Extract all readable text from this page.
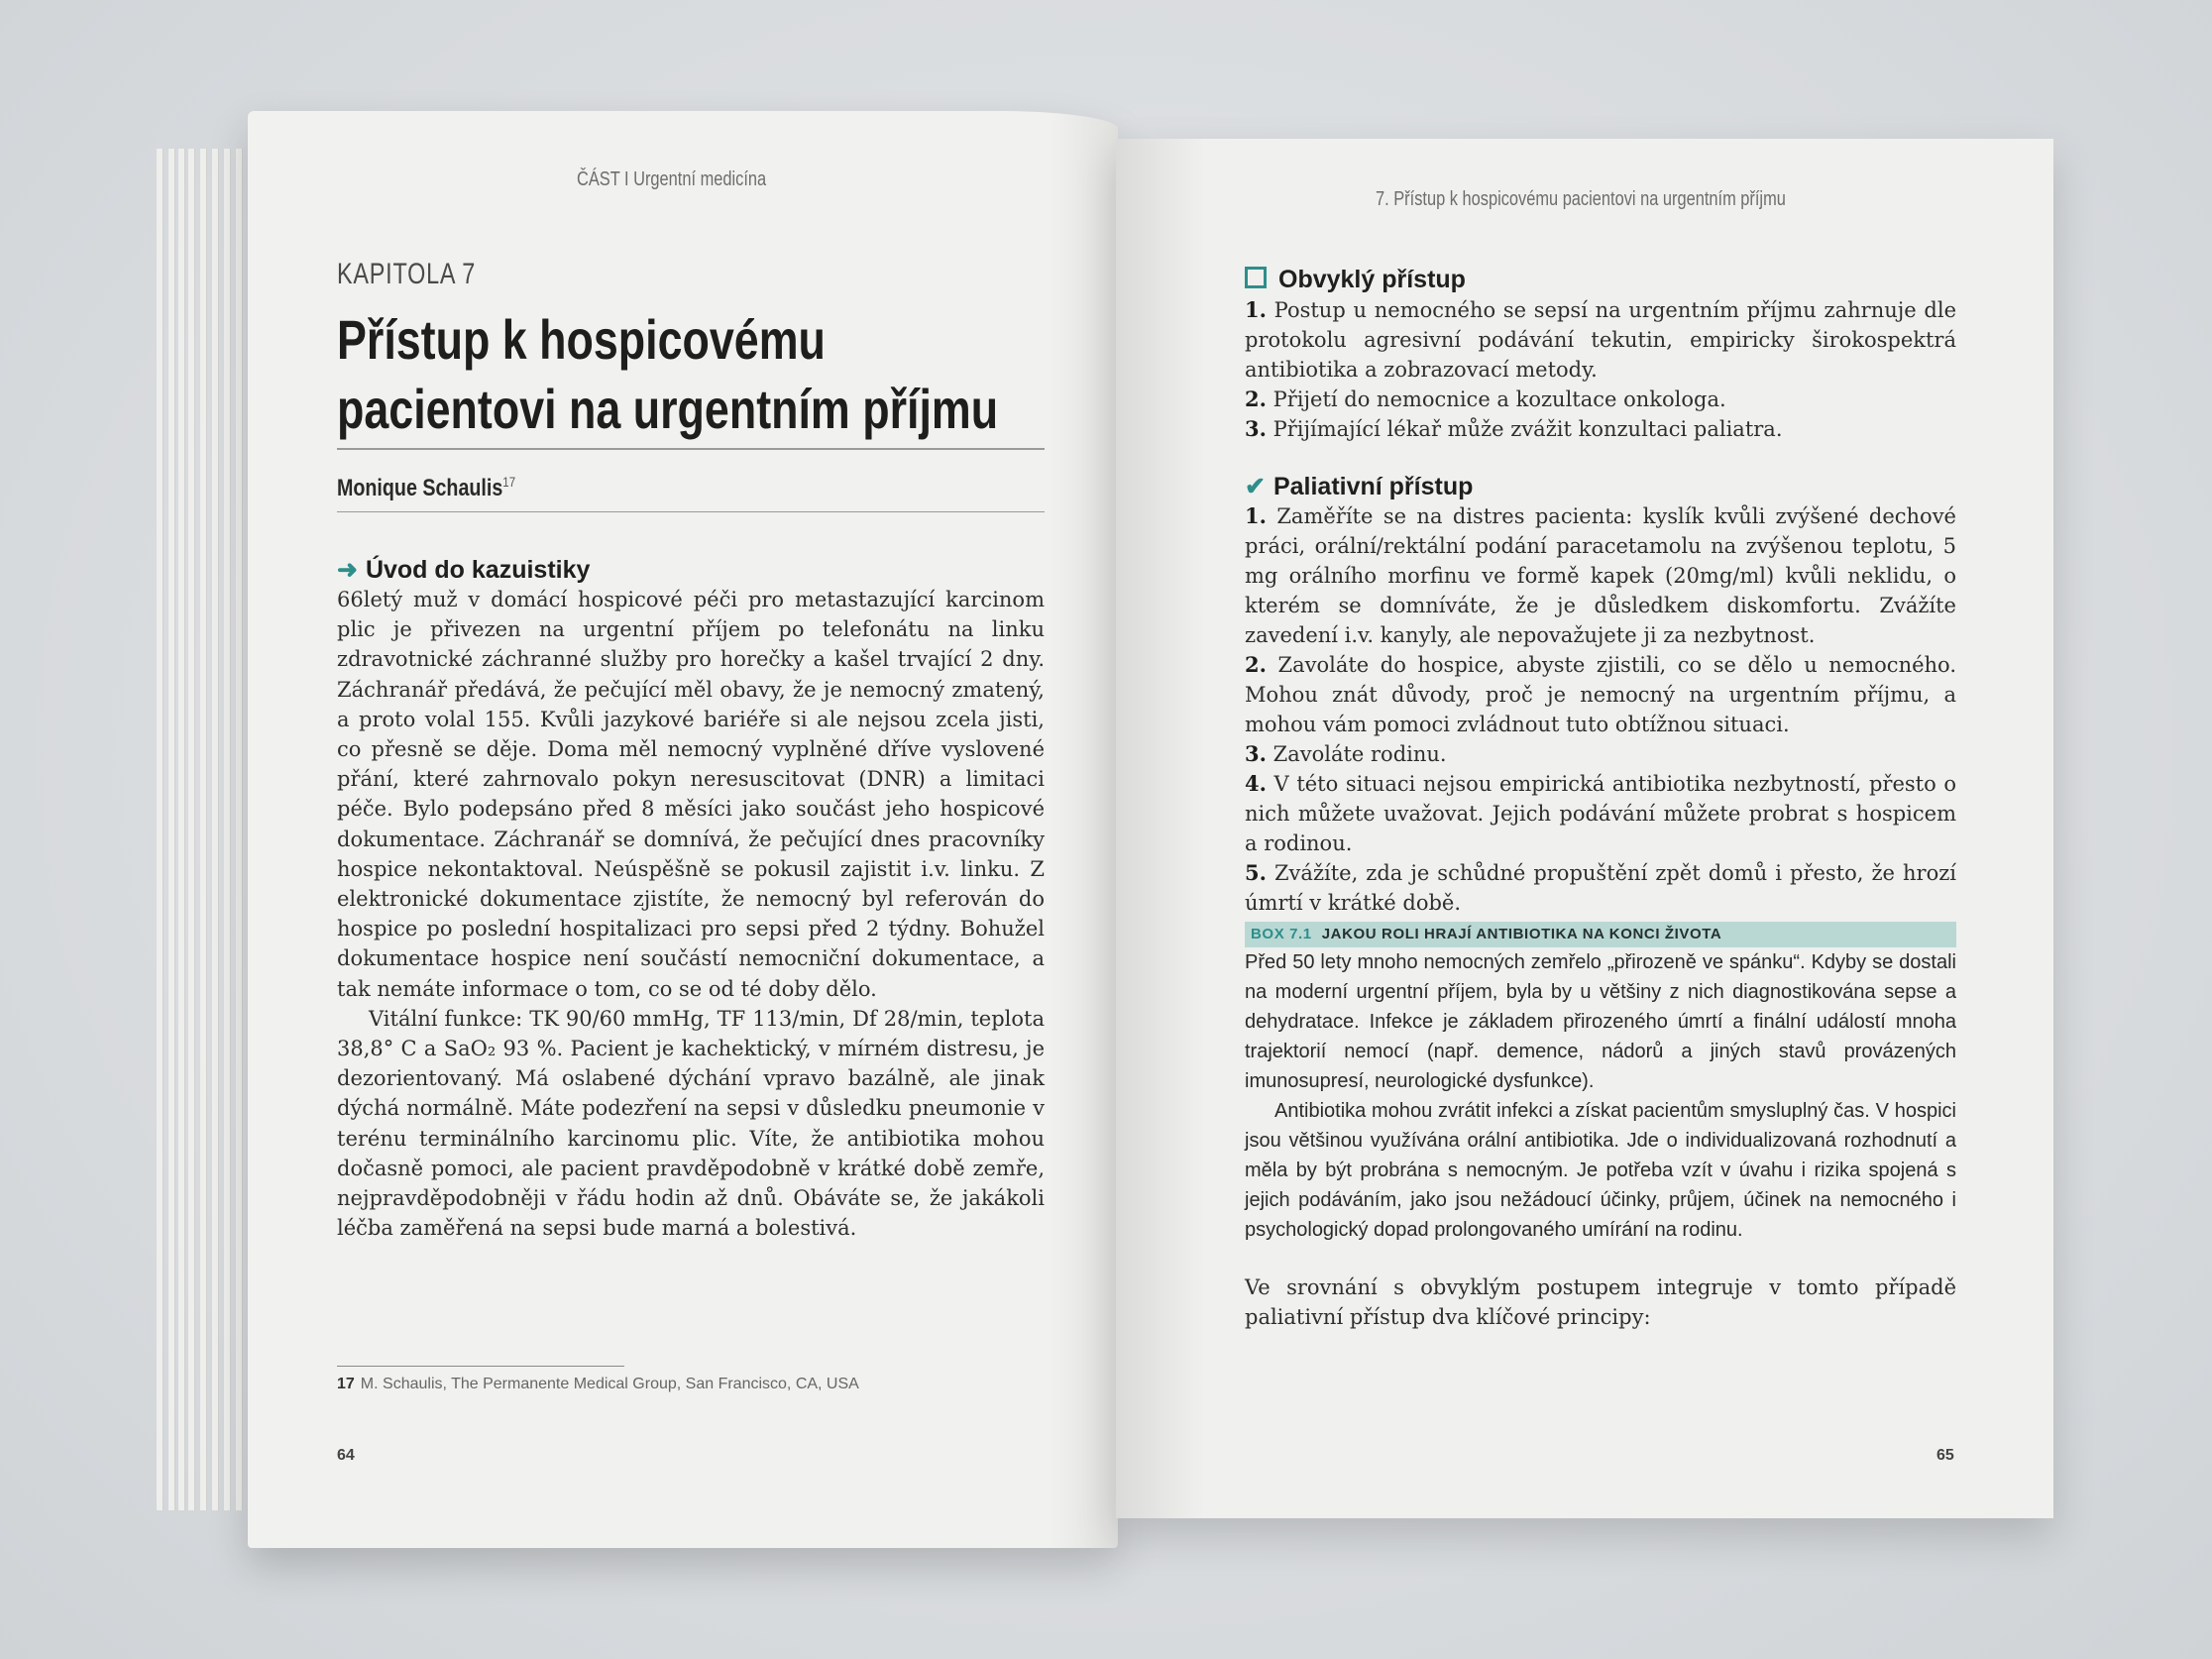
ČÁST I Urgentní medicína
KAPITOLA 7
Přístup k hospicovému pacientovi na urgentním příjmu
Monique Schaulis$^{17}$
➜ Úvod do kazuistiky

66letý muž v domácí hospicové péči pro metastazující karcinom plic je přivezen na urgentní příjem po telefonátu na linku zdravotnické záchranné služby pro horečky a kašel trvající 2 dny. Záchranář předává, že pečující měl obavy, že je nemocný zmatený, a proto volal 155. Kvůli jazykové bariéře si ale nejsou zcela jisti, co přesně se děje. Doma měl nemocný vyplněné dříve vyslovené přání, které zahrnovalo pokyn neresuscitovat (DNR) a limitaci péče. Bylo podepsáno před 8 měsíci jako součást jeho hospicové dokumentace. Záchranář se domnívá, že pečující dnes pracovníky hospice nekontaktoval. Neúspěšně se pokusil zajistit i.v. linku. Z elektronické dokumentace zjistíte, že nemocný byl referován do hospice po poslední hospitalizaci pro sepsi před 2 týdny. Bohužel dokumentace hospice není součástí nemocniční dokumentace, a tak nemáte informace o tom, co se od té doby dělo.

Vitální funkce: TK 90/60 mmHg, TF 113/min, Df 28/min, teplota 38,8° C a SaO₂ 93 %. Pacient je kachektický, v mírném distresu, je dezorientovaný. Má oslabené dýchání vpravo bazálně, ale jinak dýchá normálně. Máte podezření na sepsi v důsledku pneumonie v terénu terminálního karcinomu plic. Víte, že antibiotika mohou dočasně pomoci, ale pacient pravděpodobně v krátké době zemře, nejpravděpodobněji v řádu hodin až dnů. Obáváte se, že jakákoli léčba zaměřená na sepsi bude marná a bolestivá.

17 M. Schaulis, The Permanente Medical Group, San Francisco, CA, USA
64
7. Přístup k hospicovému pacientovi na urgentním příjmu
Obvyklý přístup
1. Postup u nemocného se sepsí na urgentním příjmu zahrnuje dle protokolu agresivní podávání tekutin, empiricky širokospektrá antibiotika a zobrazovací metody.
2. Přijetí do nemocnice a kozultace onkologa.
3. Přijímající lékař může zvážit konzultaci paliatra.
✔ Paliativní přístup
1. Zaměříte se na distres pacienta: kyslík kvůli zvýšené dechové práci, orální/rektální podání paracetamolu na zvýšenou teplotu, 5 mg orálního morfinu ve formě kapek (20mg/ml) kvůli neklidu, o kterém se domníváte, že je důsledkem diskomfortu. Zvážíte zavedení i.v. kanyly, ale nepovažujete ji za nezbytnost.
2. Zavoláte do hospice, abyste zjistili, co se dělo u nemocného. Mohou znát důvody, proč je nemocný na urgentním příjmu, a mohou vám pomoci zvládnout tuto obtížnou situaci.
3. Zavoláte rodinu.
4. V této situaci nejsou empirická antibiotika nezbytností, přesto o nich můžete uvažovat. Jejich podávání můžete probrat s hospicem a rodinou.
5. Zvážíte, zda je schůdné propuštění zpět domů i přesto, že hrozí úmrtí v krátké době.
BOX 7.1 JAKOU ROLI HRAJÍ ANTIBIOTIKA NA KONCI ŽIVOTA

Před 50 lety mnoho nemocných zemřelo „přirozeně ve spánku“. Kdyby se dostali na moderní urgentní příjem, byla by u většiny z nich diagnostikována sepse a dehydratace. Infekce je základem přirozeného úmrtí a finální událostí mnoha trajektorií nemocí (např. demence, nádorů a jiných stavů provázených imunosupresí, neurologické dysfunkce).

Antibiotika mohou zvrátit infekci a získat pacientům smysluplný čas. V hospici jsou většinou využívána orální antibiotika. Jde o individualizovaná rozhodnutí a měla by být probrána s nemocným. Je potřeba vzít v úvahu i rizika spojená s jejich podáváním, jako jsou nežádoucí účinky, průjem, účinek na nemocného i psychologický dopad prolongovaného umírání na rodinu.

Ve srovnání s obvyklým postupem integruje v tomto případě paliativní přístup dva klíčové principy:

65
